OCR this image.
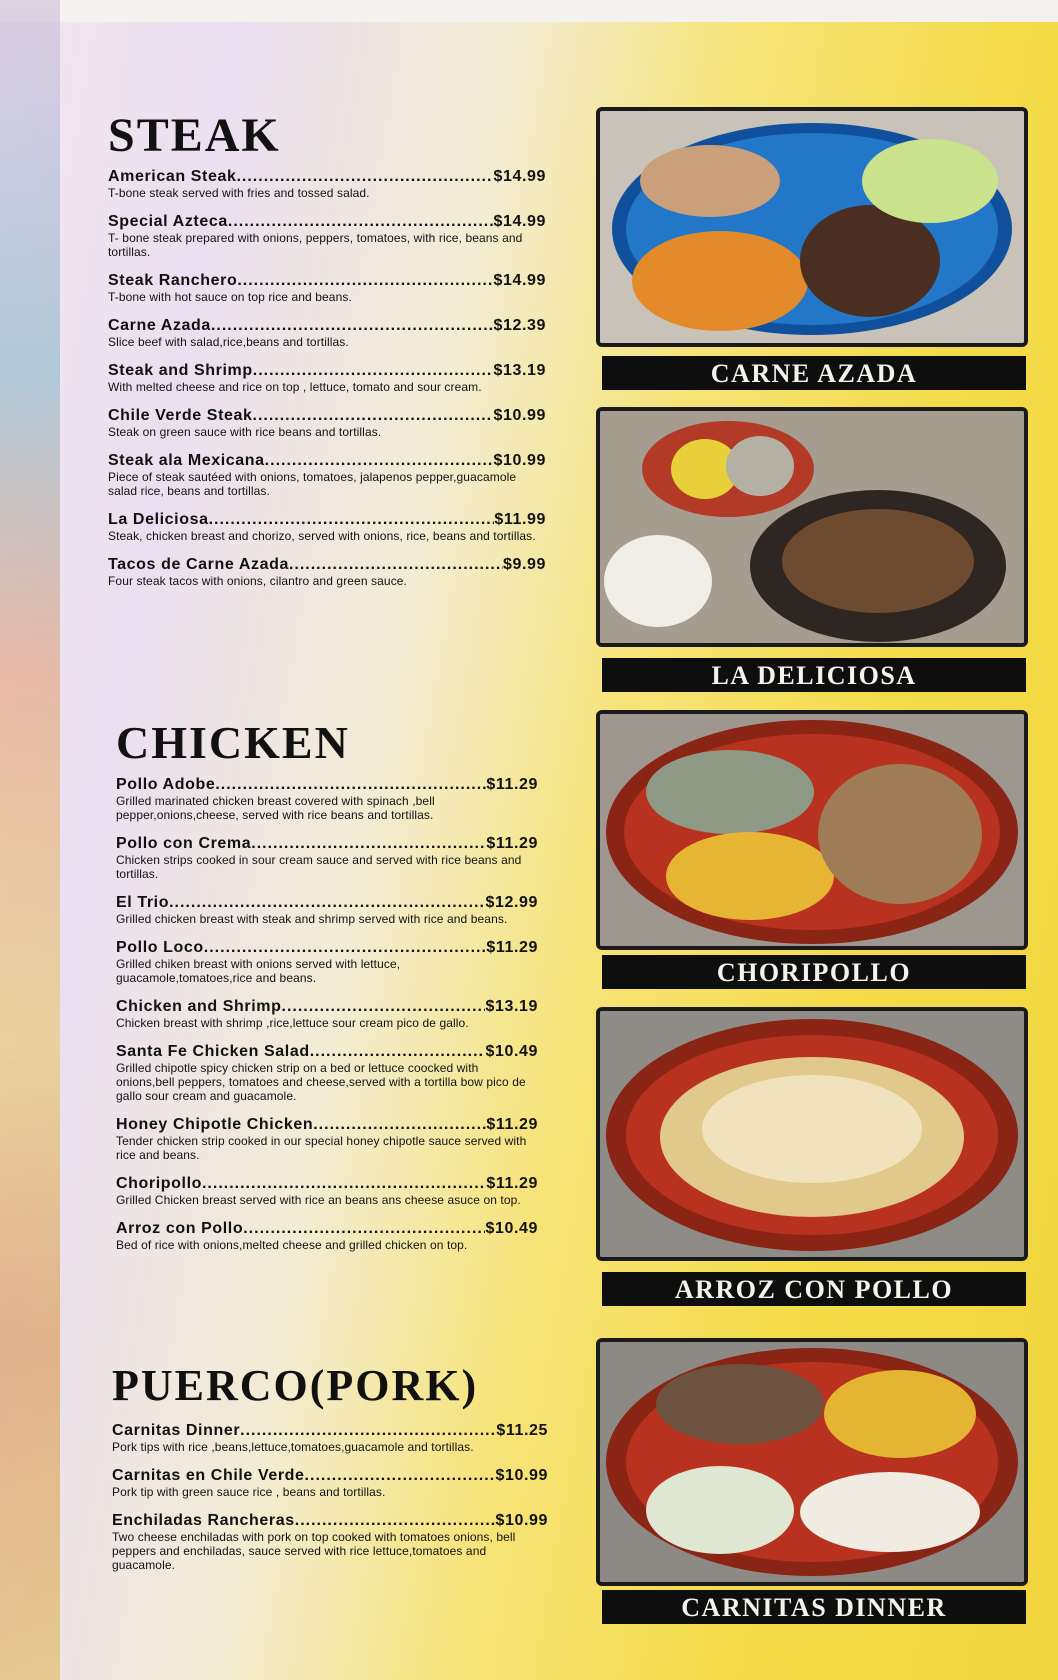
STEAK
American Steak .....	$14.99
T-bone steak served with fries and tossed salad.
Special Azteca .....	$14.99
T- bone steak prepared with onions, peppers, tomatoes, with rice, beans and tortillas.
Steak Ranchero .....	$14.99
T-bone with hot sauce on top rice and beans.
Carne Azada .....	$12.39
Slice beef with salad,rice,beans and tortillas.
Steak and Shrimp .....	$13.19
With melted cheese and rice on top , lettuce, tomato and sour cream.
Chile Verde Steak .....	$10.99
Steak on green sauce with rice beans and tortillas.
Steak ala Mexicana .....	$10.99
Piece of steak sautéed with onions, tomatoes, jalapenos pepper,guacamole salad rice, beans and tortillas.
La Deliciosa .....	$11.99
Steak, chicken breast and chorizo, served with onions, rice, beans and tortillas.
Tacos de Carne Azada .....	$9.99
Four steak tacos with onions, cilantro and green sauce.
CHICKEN
Pollo Adobe .....	$11.29
Grilled marinated chicken breast covered with spinach ,bell pepper,onions,cheese, served with rice beans and tortillas.
Pollo con Crema .....	$11.29
Chicken strips cooked in sour cream sauce and served with rice beans and tortillas.
El Trio .....	$12.99
Grilled chicken breast with steak and shrimp served with rice and beans.
Pollo Loco .....	$11.29
Grilled chiken breast with onions served with lettuce, guacamole,tomatoes,rice and beans.
Chicken and Shrimp .....	$13.19
Chicken breast with shrimp ,rice,lettuce sour cream pico de gallo.
Santa Fe Chicken Salad .....	$10.49
Grilled chipotle spicy chicken strip on a bed or lettuce coocked with onions,bell peppers, tomatoes and cheese,served with a tortilla bow pico de gallo sour cream and guacamole.
Honey Chipotle Chicken .....	$11.29
Tender chicken strip cooked in our special honey chipotle sauce served with rice and beans.
Choripollo .....	$11.29
Grilled Chicken breast served with rice an beans ans cheese asuce on top.
Arroz con Pollo .....	$10.49
Bed of rice with onions,melted cheese and grilled chicken on top.
PUERCO(PORK)
Carnitas Dinner .....	$11.25
Pork tips with rice ,beans,lettuce,tomatoes,guacamole and tortillas.
Carnitas en Chile Verde .....	$10.99
Pork tip with green sauce rice , beans and tortillas.
Enchiladas Rancheras .....	$10.99
Two cheese enchiladas with pork on top cooked with tomatoes onions, bell peppers and enchiladas, sauce served with rice lettuce,tomatoes and guacamole.
CARNE AZADA
LA DELICIOSA
CHORIPOLLO
ARROZ CON POLLO
CARNITAS DINNER
